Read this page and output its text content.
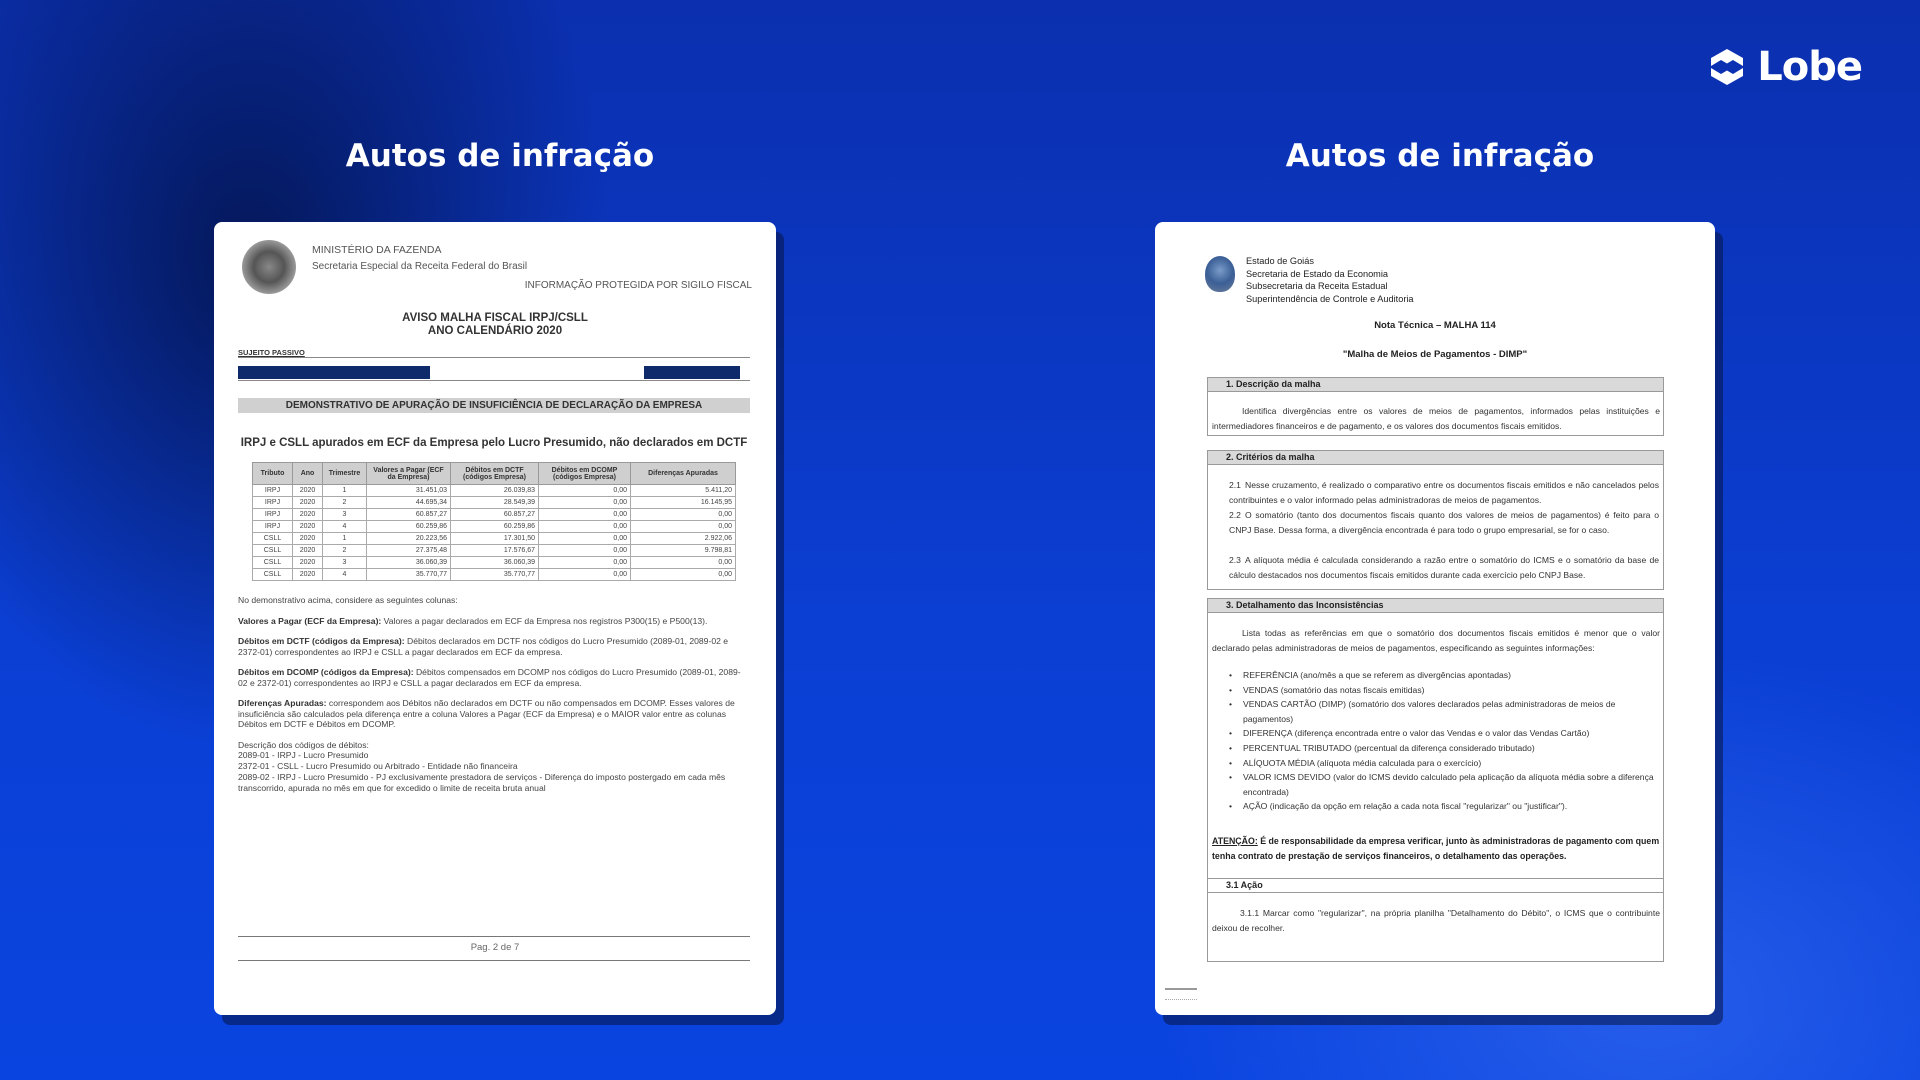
Lobe
Autos de infração	Autos de infração
MINISTÉRIO DA FAZENDA
Secretaria Especial da Receita Federal do Brasil
INFORMAÇÃO PROTEGIDA POR SIGILO FISCAL
AVISO MALHA FISCAL IRPJ/CSLL
ANO CALENDÁRIO 2020
SUJEITO PASSIVO
DEMONSTRATIVO DE APURAÇÃO DE INSUFICIÊNCIA DE DECLARAÇÃO DA EMPRESA
IRPJ e CSLL apurados em ECF da Empresa pelo Lucro Presumido, não declarados em DCTF
Tributo	Ano	Trimestre	Valores a Pagar (ECF da Empresa)	Débitos em DCTF (códigos Empresa)	Débitos em DCOMP (códigos Empresa)	Diferenças Apuradas
IRPJ	2020	1	31.451,03	26.039,83	0,00	5.411,20
IRPJ	2020	2	44.695,34	28.549,39	0,00	16.145,95
IRPJ	2020	3	60.857,27	60.857,27	0,00	0,00
IRPJ	2020	4	60.259,86	60.259,86	0,00	0,00
CSLL	2020	1	20.223,56	17.301,50	0,00	2.922,06
CSLL	2020	2	27.375,48	17.576,67	0,00	9.798,81
CSLL	2020	3	36.060,39	36.060,39	0,00	0,00
CSLL	2020	4	35.770,77	35.770,77	0,00	0,00
No demonstrativo acima, considere as seguintes colunas:
Valores a Pagar (ECF da Empresa): Valores a pagar declarados em ECF da Empresa nos registros P300(15) e P500(13).
Débitos em DCTF (códigos da Empresa): Débitos declarados em DCTF nos códigos do Lucro Presumido (2089-01, 2089-02 e 2372-01) correspondentes ao IRPJ e CSLL a pagar declarados em ECF da empresa.
Débitos em DCOMP (códigos da Empresa): Débitos compensados em DCOMP nos códigos do Lucro Presumido (2089-01, 2089-02 e 2372-01) correspondentes ao IRPJ e CSLL a pagar declarados em ECF da empresa.
Diferenças Apuradas: correspondem aos Débitos não declarados em DCTF ou não compensados em DCOMP. Esses valores de insuficiência são calculados pela diferença entre a coluna Valores a Pagar (ECF da Empresa) e o MAIOR valor entre as colunas Débitos em DCTF e Débitos em DCOMP.
Descrição dos códigos de débitos:
2089-01 - IRPJ - Lucro Presumido
2372-01 - CSLL - Lucro Presumido ou Arbitrado - Entidade não financeira
2089-02 - IRPJ - Lucro Presumido - PJ exclusivamente prestadora de serviços - Diferença do imposto postergado em cada mês transcorrido, apurada no mês em que for excedido o limite de receita bruta anual
Pag. 2 de 7
Estado de Goiás
Secretaria de Estado da Economia
Subsecretaria da Receita Estadual
Superintendência de Controle e Auditoria
Nota Técnica – MALHA 114
"Malha de Meios de Pagamentos - DIMP"
1. Descrição da malha
Identifica divergências entre os valores de meios de pagamentos, informados pelas instituições e intermediadores financeiros e de pagamento, e os valores dos documentos fiscais emitidos.
2. Critérios da malha
2.1 Nesse cruzamento, é realizado o comparativo entre os documentos fiscais emitidos e não cancelados pelos contribuintes e o valor informado pelas administradoras de meios de pagamentos.
2.2 O somatório (tanto dos documentos fiscais quanto dos valores de meios de pagamentos) é feito para o CNPJ Base. Dessa forma, a divergência encontrada é para todo o grupo empresarial, se for o caso.
2.3 A alíquota média é calculada considerando a razão entre o somatório do ICMS e o somatório da base de cálculo destacados nos documentos fiscais emitidos durante cada exercício pelo CNPJ Base.
3. Detalhamento das Inconsistências
Lista todas as referências em que o somatório dos documentos fiscais emitidos é menor que o valor declarado pelas administradoras de meios de pagamentos, especificando as seguintes informações:
• REFERÊNCIA (ano/mês a que se referem as divergências apontadas)
• VENDAS (somatório das notas fiscais emitidas)
• VENDAS CARTÃO (DIMP) (somatório dos valores declarados pelas administradoras de meios de pagamentos)
• DIFERENÇA (diferença encontrada entre o valor das Vendas e o valor das Vendas Cartão)
• PERCENTUAL TRIBUTADO (percentual da diferença considerado tributado)
• ALÍQUOTA MÉDIA (alíquota média calculada para o exercício)
• VALOR ICMS DEVIDO (valor do ICMS devido calculado pela aplicação da alíquota média sobre a diferença encontrada)
• AÇÃO (indicação da opção em relação a cada nota fiscal "regularizar" ou "justificar").
ATENÇÃO: É de responsabilidade da empresa verificar, junto às administradoras de pagamento com quem tenha contrato de prestação de serviços financeiros, o detalhamento das operações.
3.1 Ação
3.1.1 Marcar como "regularizar", na própria planilha "Detalhamento do Débito", o ICMS que o contribuinte deixou de recolher.
